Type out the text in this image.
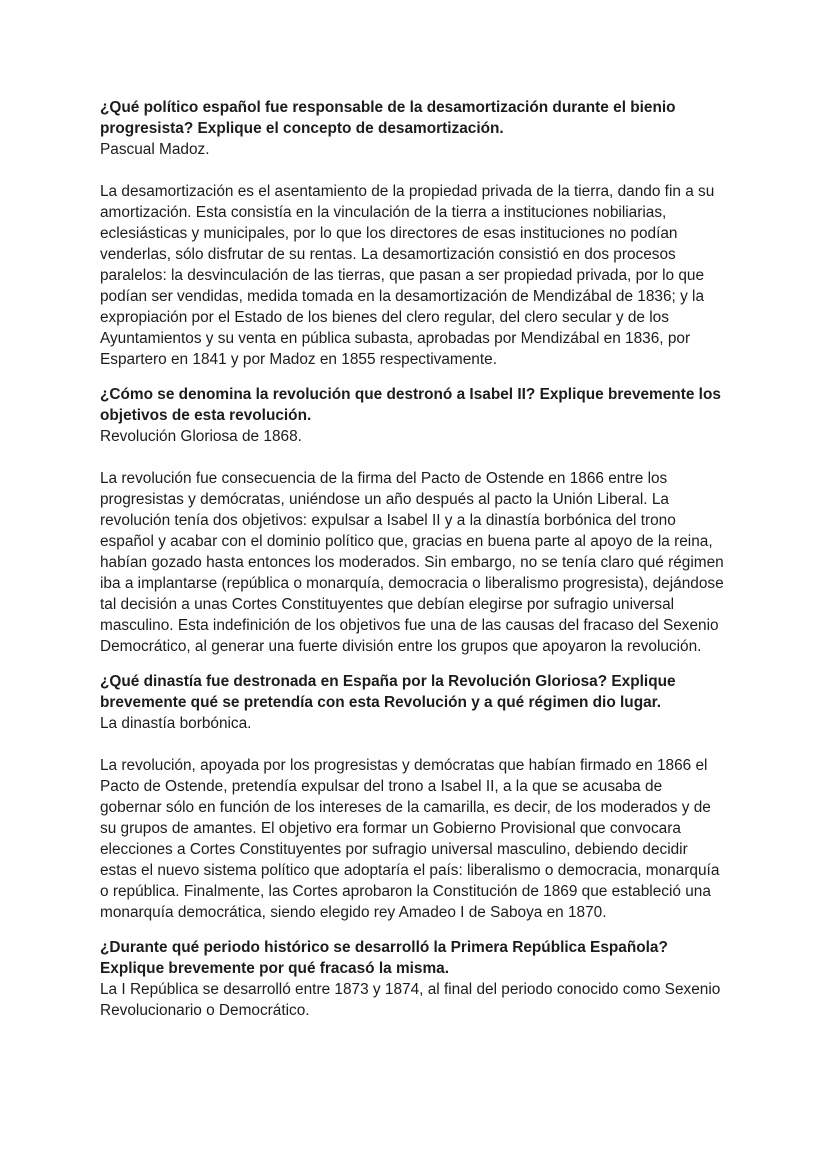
¿Qué político español fue responsable de la desamortización durante el bienio progresista? Explique el concepto de desamortización.

Pascual Madoz.

La desamortización es el asentamiento de la propiedad privada de la tierra, dando fin a su amortización. Esta consistía en la vinculación de la tierra a instituciones nobiliarias, eclesiásticas y municipales, por lo que los directores de esas instituciones no podían venderlas, sólo disfrutar de su rentas. La desamortización consistió en dos procesos paralelos: la desvinculación de las tierras, que pasan a ser propiedad privada, por lo que podían ser vendidas, medida tomada en la desamortización de Mendizábal de 1836; y la expropiación por el Estado de los bienes del clero regular, del clero secular y de los Ayuntamientos y su venta en pública subasta, aprobadas por Mendizábal en 1836, por Espartero en 1841 y por Madoz en 1855 respectivamente.

¿Cómo se denomina la revolución que destronó a Isabel II? Explique brevemente los objetivos de esta revolución.

Revolución Gloriosa de 1868.

La revolución fue consecuencia de la firma del Pacto de Ostende en 1866 entre los progresistas y demócratas, uniéndose un año después al pacto la Unión Liberal. La revolución tenía dos objetivos: expulsar a Isabel II y a la dinastía borbónica del trono español y acabar con el dominio político que, gracias en buena parte al apoyo de la reina, habían gozado hasta entonces los moderados. Sin embargo, no se tenía claro qué régimen iba a implantarse (república o monarquía, democracia o liberalismo progresista), dejándose tal decisión a unas Cortes Constituyentes que debían elegirse por sufragio universal masculino. Esta indefinición de los objetivos fue una de las causas del fracaso del Sexenio Democrático, al generar una fuerte división entre los grupos que apoyaron la revolución.

¿Qué dinastía fue destronada en España por la Revolución Gloriosa? Explique brevemente qué se pretendía con esta Revolución y a qué régimen dio lugar.

La dinastía borbónica.

La revolución, apoyada por los progresistas y demócratas que habían firmado en 1866 el Pacto de Ostende, pretendía expulsar del trono a Isabel II, a la que se acusaba de gobernar sólo en función de los intereses de la camarilla, es decir, de los moderados y de su grupos de amantes. El objetivo era formar un Gobierno Provisional que convocara elecciones a Cortes Constituyentes por sufragio universal masculino, debiendo decidir estas el nuevo sistema político que adoptaría el país: liberalismo o democracia, monarquía o república. Finalmente, las Cortes aprobaron la Constitución de 1869 que estableció una monarquía democrática, siendo elegido rey Amadeo I de Saboya en 1870.

¿Durante qué periodo histórico se desarrolló la Primera República Española? Explique brevemente por qué fracasó la misma.

La I República se desarrolló entre 1873 y 1874, al final del periodo conocido como Sexenio Revolucionario o Democrático.
